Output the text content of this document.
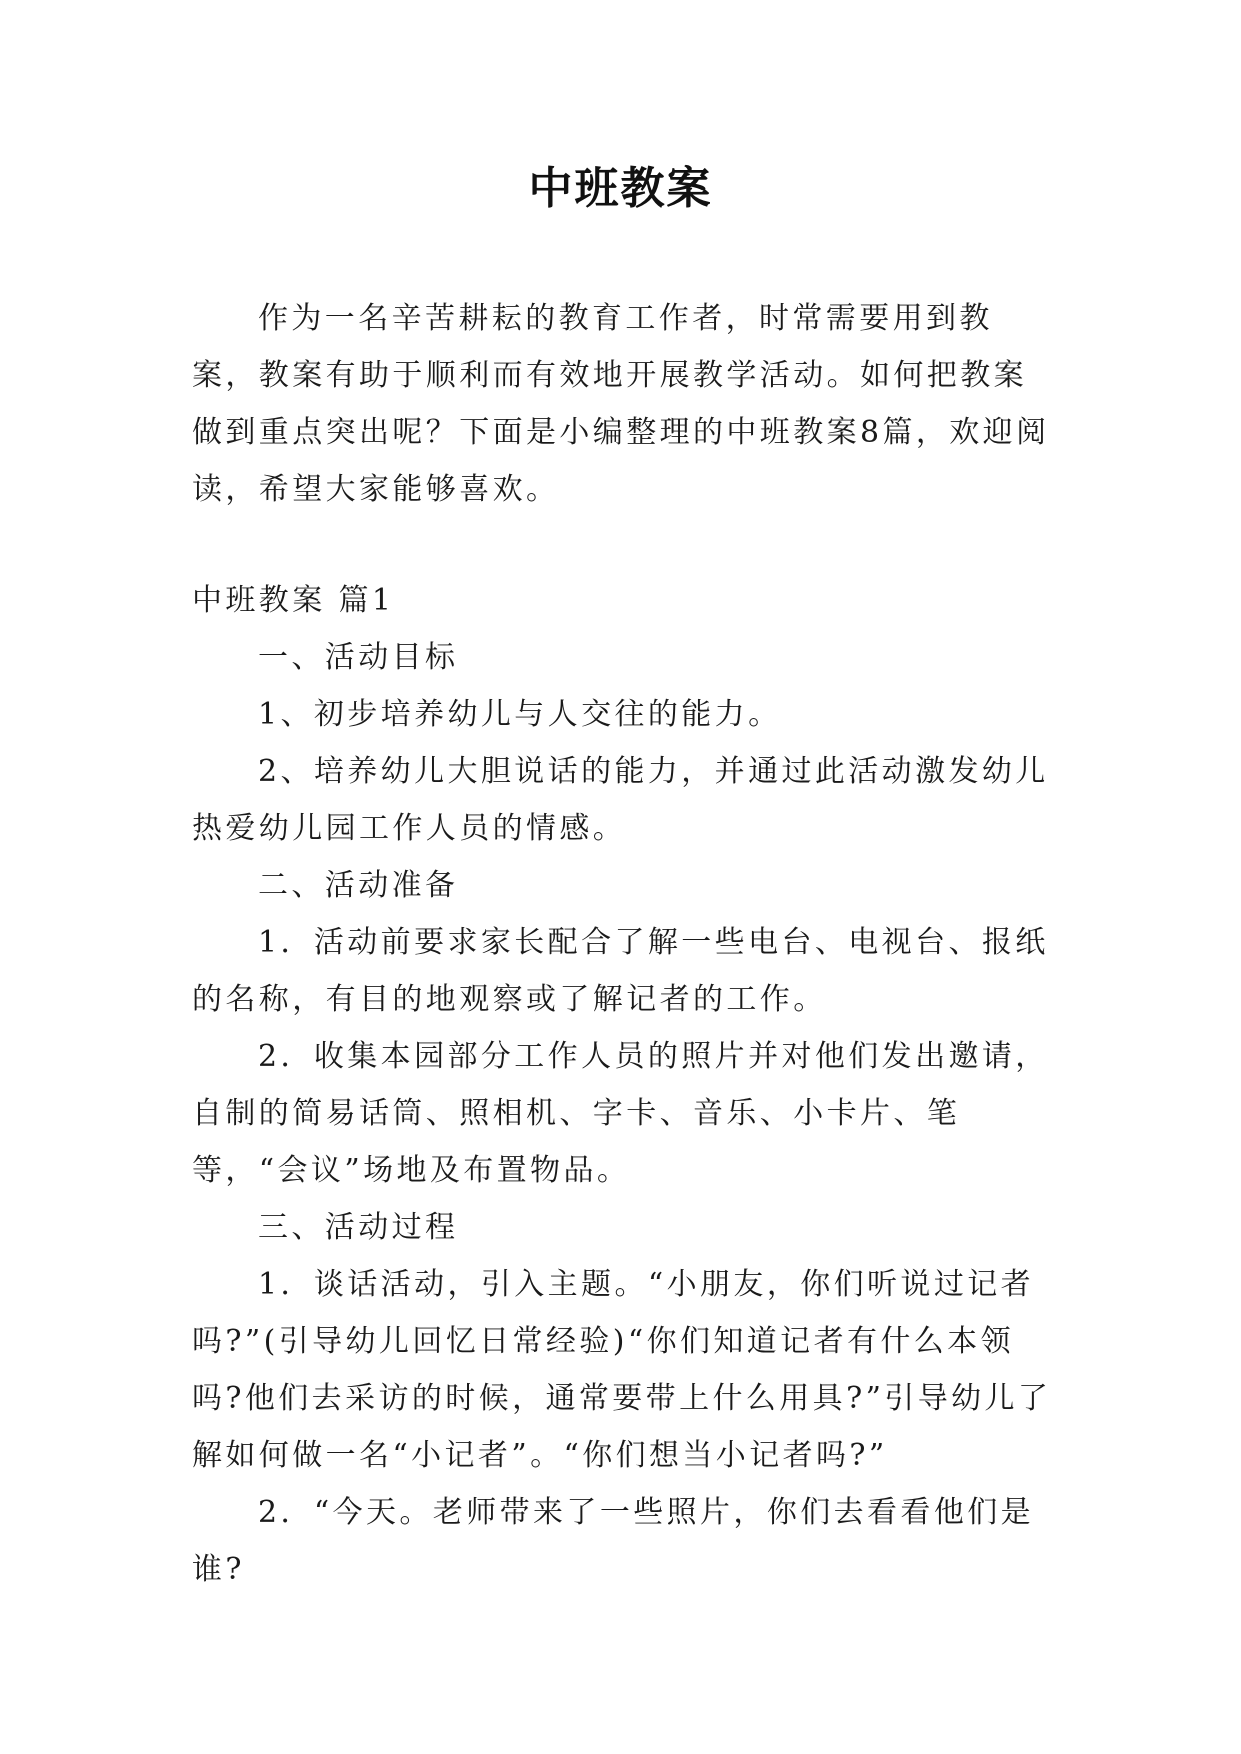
中班教案

作为一名辛苦耕耘的教育工作者，时常需要用到教案，教案有助于顺利而有效地开展教学活动。如何把教案做到重点突出呢？下面是小编整理的中班教案8篇，欢迎阅读，希望大家能够喜欢。

中班教案 篇1

一、活动目标

1、初步培养幼儿与人交往的能力。

2、培养幼儿大胆说话的能力，并通过此活动激发幼儿热爱幼儿园工作人员的情感。

二、活动准备

1．活动前要求家长配合了解一些电台、电视台、报纸的名称，有目的地观察或了解记者的工作。

2．收集本园部分工作人员的照片并对他们发出邀请，自制的简易话筒、照相机、字卡、音乐、小卡片、笔等，“会议”场地及布置物品。

三、活动过程

1．谈话活动，引入主题。“小朋友，你们听说过记者吗?”(引导幼儿回忆日常经验)“你们知道记者有什么本领吗?他们去采访的时候，通常要带上什么用具?”引导幼儿了解如何做一名“小记者”。“你们想当小记者吗?”

2．“今天。老师带来了一些照片，你们去看看他们是谁?
